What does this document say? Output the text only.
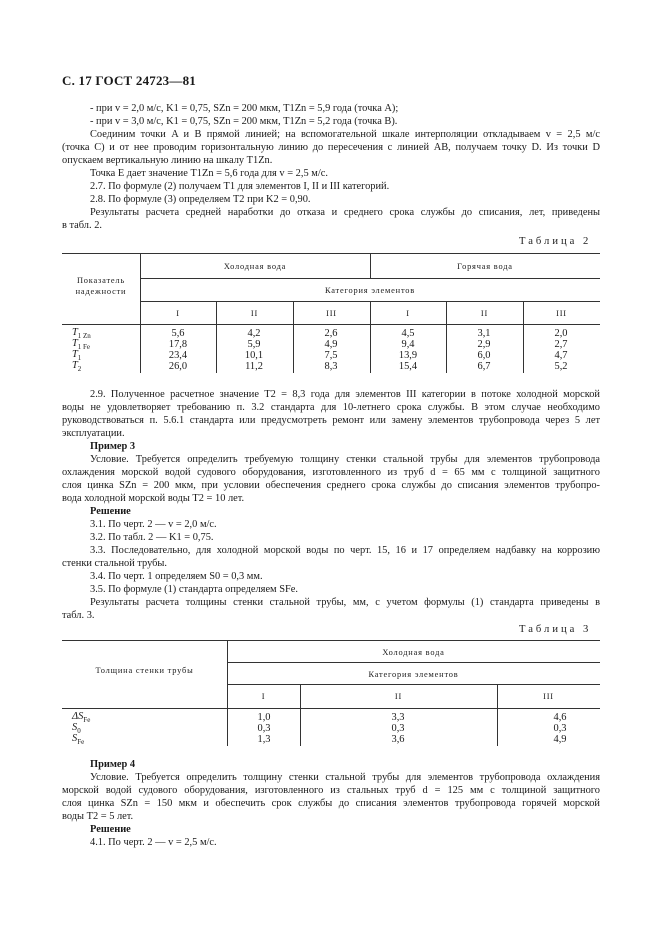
С. 17 ГОСТ 24723—81
- при v = 2,0 м/с, K1 = 0,75, SZn = 200 мкм, T1Zn = 5,9 года (точка A);
- при v = 3,0 м/с, K1 = 0,75, SZn = 200 мкм, T1Zn = 5,2 года (точка B).
Соединим точки A и B прямой линией; на вспомогательной шкале интерполяции откладываем v = 2,5 м/с
(точка C) и от нее проводим горизонтальную линию до пересечения с линией AB, получаем точку D. Из точки D
опускаем вертикальную линию на шкалу T1Zn.
Точка E дает значение T1Zn = 5,6 года для v = 2,5 м/с.
2.7. По формуле (2) получаем T1 для элементов I, II и III категорий.
2.8. По формуле (3) определяем T2 при K2 = 0,90.
Результаты расчета средней наработки до отказа и среднего срока службы до списания, лет, приведены
в табл. 2.
Таблица 2
Показатель
надежности
Холодная вода	Горячая вода
Категория элементов
I	II	III	I	II	III
$T_{1 Zn}$	5,6	4,2	2,6	4,5	3,1	2,0
$T_{1 Fe}$	17,8	5,9	4,9	9,4	2,9	2,7
$T_1$	23,4	10,1	7,5	13,9	6,0	4,7
$T_2$	26,0	11,2	8,3	15,4	6,7	5,2
2.9. Полученное расчетное значение T2 = 8,3 года для элементов III категории в потоке холодной морской
воды не удовлетворяет требованию п. 3.2 стандарта для 10-летнего срока службы. В этом случае необходимо
руководствоваться п. 5.6.1 стандарта или предусмотреть ремонт или замену элементов трубопровода через 5 лет
эксплуатации.
Пример 3
Условие. Требуется определить требуемую толщину стенки стальной трубы для элементов трубопровода
охлаждения морской водой судового оборудования, изготовленного из труб d = 65 мм с толщиной защитного
слоя цинка SZn = 200 мкм, при условии обеспечения среднего срока службы до списания элементов трубопро-
вода холодной морской воды T2 = 10 лет.
Решение
3.1. По черт. 2 — v = 2,0 м/с.
3.2. По табл. 2 — K1 = 0,75.
3.3. Последовательно, для холодной морской воды по черт. 15, 16 и 17 определяем надбавку на коррозию
стенки стальной трубы.
3.4. По черт. 1 определяем S0 = 0,3 мм.
3.5. По формуле (1) стандарта определяем SFe.
Результаты расчета толщины стенки стальной трубы, мм, с учетом формулы (1) стандарта приведены в
табл. 3.
Таблица 3
Толщина стенки трубы
Холодная вода
Категория элементов
I	II	III
$\Delta S_{Fe}$	1,0	3,3	4,6
$S_0$	0,3	0,3	0,3
$S_{Fe}$	1,3	3,6	4,9
Пример 4
Условие. Требуется определить толщину стенки стальной трубы для элементов трубопровода охлаждения
морской водой судового оборудования, изготовленного из стальных труб d = 125 мм с толщиной защитного
слоя цинка SZn = 150 мкм и обеспечить срок службы до списания элементов трубопровода горячей морской
воды T2 = 5 лет.
Решение
4.1. По черт. 2 — v = 2,5 м/с.
